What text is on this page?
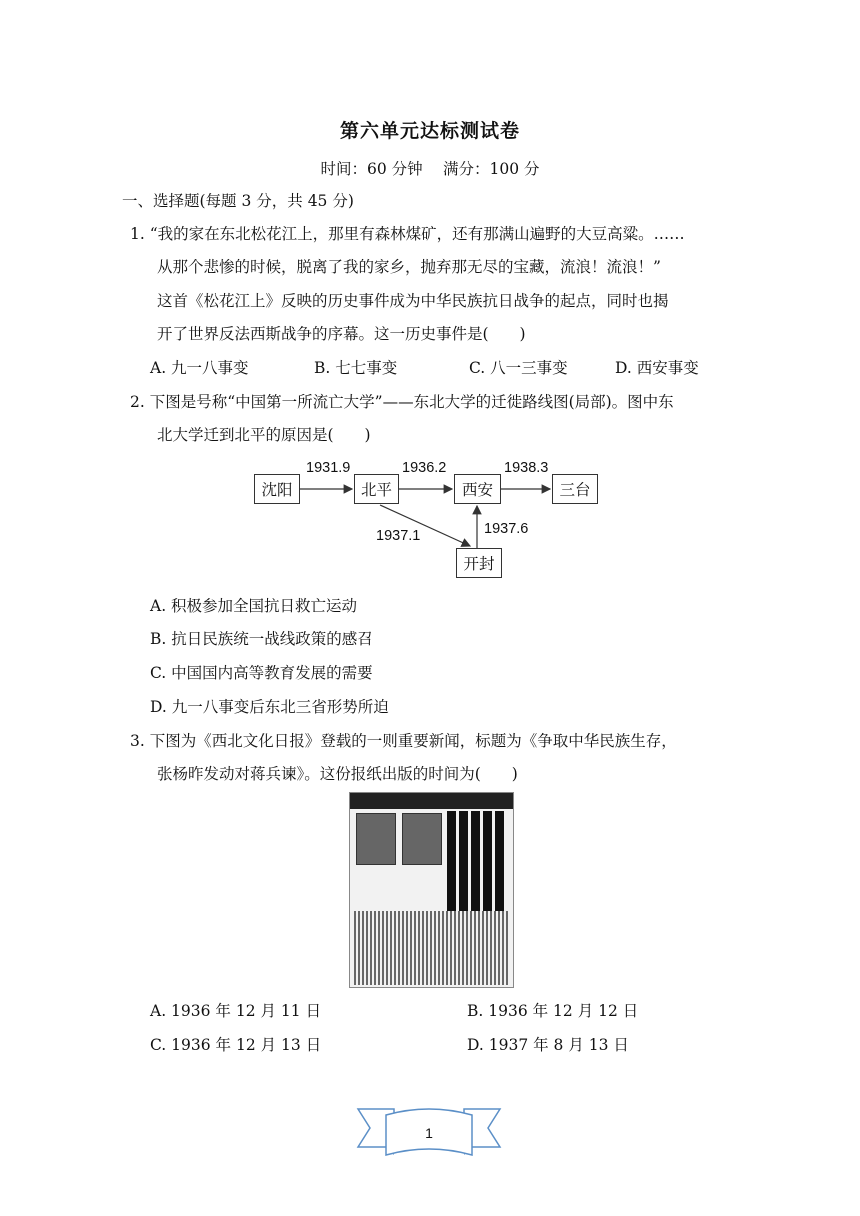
第六单元达标测试卷
时间：60 分钟　 满分：100 分
一、选择题(每题 3 分，共 45 分)
1. “我的家在东北松花江上，那里有森林煤矿，还有那满山遍野的大豆高粱。……
从那个悲惨的时候，脱离了我的家乡，抛弃那无尽的宝藏，流浪！流浪！”
这首《松花江上》反映的历史事件成为中华民族抗日战争的起点，同时也揭
开了世界反法西斯战争的序幕。这一历史事件是(　　)
A. 九一八事变	B. 七七事变	C. 八一三事变	D. 西安事变
2. 下图是号称“中国第一所流亡大学”——东北大学的迁徙路线图(局部)。图中东
北大学迁到北平的原因是(　　)
沈阳	北平	西安	三台
开封
1931.9	1936.2	1938.3
1937.1	1937.6
A. 积极参加全国抗日救亡运动
B. 抗日民族统一战线政策的感召
C. 中国国内高等教育发展的需要
D. 九一八事变后东北三省形势所迫
3. 下图为《西北文化日报》登载的一则重要新闻，标题为《争取中华民族生存，
张杨昨发动对蒋兵谏》。这份报纸出版的时间为(　　)
A. 1936 年 12 月 11 日	B. 1936 年 12 月 12 日
C. 1936 年 12 月 13 日	D. 1937 年 8 月 13 日
1
